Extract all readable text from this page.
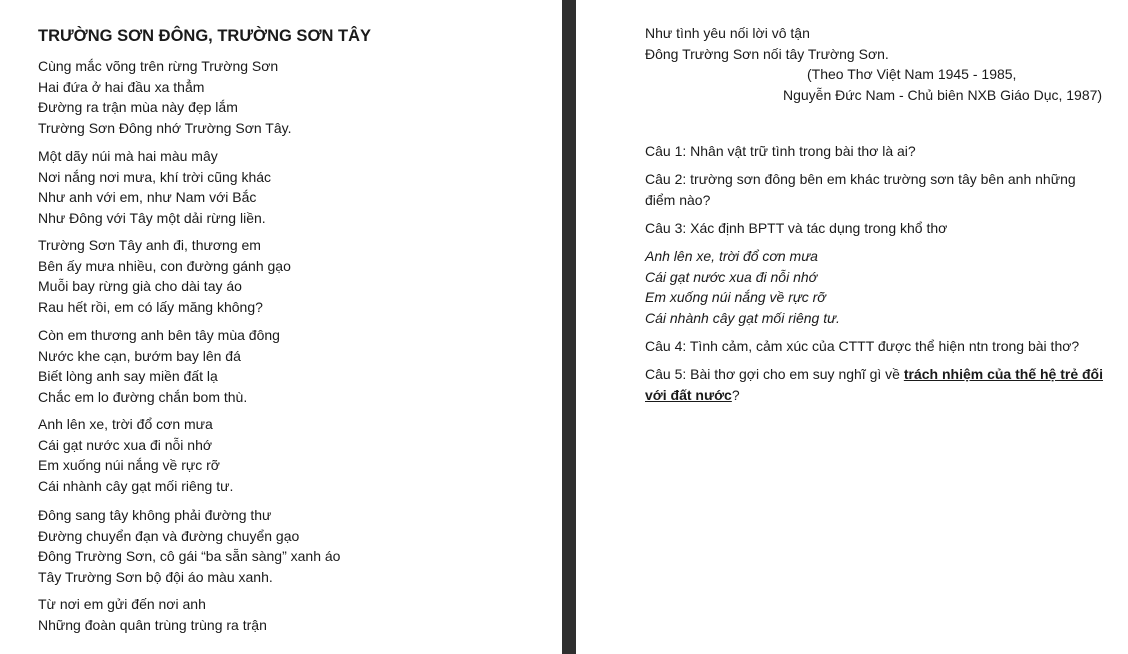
TRƯỜNG SƠN ĐÔNG, TRƯỜNG SƠN TÂY

Cùng mắc võng trên rừng Trường Sơn
Hai đứa ở hai đầu xa thẳm
Đường ra trận mùa này đẹp lắm
Trường Sơn Đông nhớ Trường Sơn Tây.

Một dãy núi mà hai màu mây
Nơi nắng nơi mưa, khí trời cũng khác
Như anh với em, như Nam với Bắc
Như Đông với Tây một dải rừng liền.

Trường Sơn Tây anh đi, thương em
Bên ấy mưa nhiều, con đường gánh gạo
Muỗi bay rừng già cho dài tay áo
Rau hết rồi, em có lấy măng không?

Còn em thương anh bên tây mùa đông
Nước khe cạn, bướm bay lên đá
Biết lòng anh say miền đất lạ
Chắc em lo đường chắn bom thù.

Anh lên xe, trời đổ cơn mưa
Cái gạt nước xua đi nỗi nhớ
Em xuống núi nắng về rực rỡ
Cái nhành cây gạt mối riêng tư.

Đông sang tây không phải đường thư
Đường chuyển đạn và đường chuyển gạo
Đông Trường Sơn, cô gái “ba sẵn sàng” xanh áo
Tây Trường Sơn bộ đội áo màu xanh.

Từ nơi em gửi đến nơi anh
Những đoàn quân trùng trùng ra trận

Như tình yêu nối lời vô tận
Đông Trường Sơn nối tây Trường Sơn.

(Theo Thơ Việt Nam 1945 - 1985,

Nguyễn Đức Nam - Chủ biên NXB Giáo Dục, 1987)

Câu 1: Nhân vật trữ tình trong bài thơ là ai?

Câu 2: trường sơn đông bên em khác trường sơn tây bên anh những
điểm nào?

Câu 3: Xác định BPTT và tác dụng trong khổ thơ

Anh lên xe, trời đổ cơn mưa
Cái gạt nước xua đi nỗi nhớ
Em xuống núi nắng về rực rỡ
Cái nhành cây gạt mối riêng tư.

Câu 4: Tình cảm, cảm xúc của CTTT được thể hiện ntn trong bài thơ?

Câu 5: Bài thơ gợi cho em suy nghĩ gì về trách nhiệm của thế hệ trẻ đối
với đất nước?
